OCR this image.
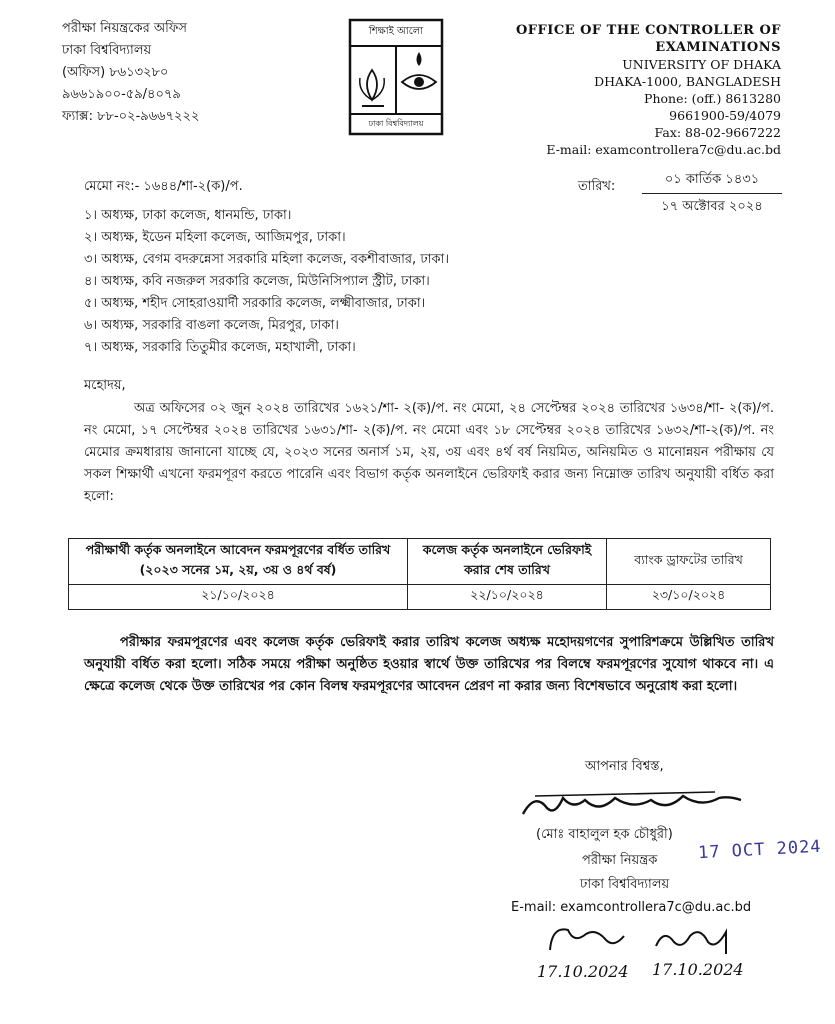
পরীক্ষা নিয়ন্ত্রকের অফিস
ঢাকা বিশ্ববিদ্যালয়
(অফিস) ৮৬১৩২৮০
৯৬৬১৯০০-৫৯/৪০৭৯
ফ্যাক্স: ৮৮-০২-৯৬৬৭২২২
শিক্ষাই আলো
ঢাকা বিশ্ববিদ্যালয়
OFFICE OF THE CONTROLLER OF
EXAMINATIONS
UNIVERSITY OF DHAKA
DHAKA-1000, BANGLADESH
Phone: (off.) 8613280
9661900-59/4079
Fax: 88-02-9667222
E-mail: examcontrollera7c@du.ac.bd
মেমো নং:- ১৬৪৪/শা-২(ক)/প.	তারিখ:	০১ কার্তিক ১৪৩১
১৭ অক্টোবর ২০২৪
১। অধ্যক্ষ, ঢাকা কলেজ, ধানমন্ডি, ঢাকা।
২। অধ্যক্ষ, ইডেন মহিলা কলেজ, আজিমপুর, ঢাকা।
৩। অধ্যক্ষ, বেগম বদরুন্নেসা সরকারি মহিলা কলেজ, বকশীবাজার, ঢাকা।
৪। অধ্যক্ষ, কবি নজরুল সরকারি কলেজ, মিউনিসিপ্যাল স্ট্রীট, ঢাকা।
৫। অধ্যক্ষ, শহীদ সোহরাওয়ার্দী সরকারি কলেজ, লক্ষ্মীবাজার, ঢাকা।
৬। অধ্যক্ষ, সরকারি বাঙলা কলেজ, মিরপুর, ঢাকা।
৭। অধ্যক্ষ, সরকারি তিতুমীর কলেজ, মহাখালী, ঢাকা।
মহোদয়,
অত্র অফিসের ০২ জুন ২০২৪ তারিখের ১৬২১/শা- ২(ক)/প. নং মেমো, ২৪ সেপ্টেম্বর ২০২৪ তারিখের ১৬৩৪/শা- ২(ক)/প. নং মেমো, ১৭ সেপ্টেম্বর ২০২৪ তারিখের ১৬৩১/শা- ২(ক)/প. নং মেমো এবং ১৮ সেপ্টেম্বর ২০২৪ তারিখের ১৬৩২/শা-২(ক)/প. নং মেমোর ক্রমধারায় জানানো যাচ্ছে যে, ২০২৩ সনের অনার্স ১ম, ২য়, ৩য় এবং ৪র্থ বর্ষ নিয়মিত, অনিয়মিত ও মানোন্নয়ন পরীক্ষায় যে সকল শিক্ষার্থী এখনো ফরমপূরণ করতে পারেনি এবং বিভাগ কর্তৃক অনলাইনে ভেরিফাই করার জন্য নিম্নোক্ত তারিখ অনুযায়ী বর্ধিত করা হলো:
পরীক্ষার্থী কর্তৃক অনলাইনে আবেদন ফরমপূরণের বর্ধিত তারিখ (২০২৩ সনের ১ম, ২য়, ৩য় ও ৪র্থ বর্ষ)	কলেজ কর্তৃক অনলাইনে ভেরিফাই করার শেষ তারিখ	ব্যাংক ড্রাফটের তারিখ
২১/১০/২০২৪	২২/১০/২০২৪	২৩/১০/২০২৪
পরীক্ষার ফরমপূরণের এবং কলেজ কর্তৃক ভেরিফাই করার তারিখ কলেজ অধ্যক্ষ মহোদয়গণের সুপারিশক্রমে উল্লিখিত তারিখ অনুযায়ী বর্ধিত করা হলো। সঠিক সময়ে পরীক্ষা অনুষ্ঠিত হওয়ার স্বার্থে উক্ত তারিখের পর বিলম্বে ফরমপূরণের সুযোগ থাকবে না। এ ক্ষেত্রে কলেজ থেকে উক্ত তারিখের পর কোন বিলম্ব ফরমপূরণের আবেদন প্রেরণ না করার জন্য বিশেষভাবে অনুরোধ করা হলো।
আপনার বিশ্বস্ত,
(মোঃ বাহালুল হক চৌধুরী)
17 OCT 2024
পরীক্ষা নিয়ন্ত্রক
ঢাকা বিশ্ববিদ্যালয়
E-mail: examcontrollera7c@du.ac.bd
17.10.2024 17.10.2024
